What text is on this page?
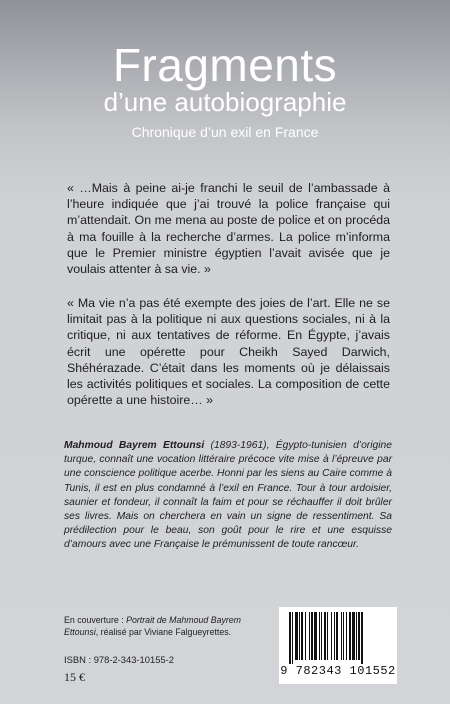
Fragments
d’une autobiographie
Chronique d’un exil en France
« …Mais à peine ai-je franchi le seuil de l’ambassade à l’heure indiquée que j’ai trouvé la police française qui m’attendait. On me mena au poste de police et on procéda à ma fouille à la recherche d’armes. La police m’informa que le Premier ministre égyptien l’avait avisée que je voulais attenter à sa vie. »
« Ma vie n’a pas été exempte des joies de l’art. Elle ne se limitait pas à la politique ni aux questions sociales, ni à la critique, ni aux tentatives de réforme. En Égypte, j’avais écrit une opérette pour Cheikh Sayed Darwich, Shéhérazade. C’était dans les moments où je délaissais les activités politiques et sociales. La composition de cette opérette a une histoire… »
Mahmoud Bayrem Ettounsi (1893-1961), Égypto-tunisien d’origine turque, connaît une vocation littéraire précoce vite mise à l’épreuve par une conscience politique acerbe. Honni par les siens au Caire comme à Tunis, il est en plus condamné à l’exil en France. Tour à tour ardoisier, saunier et fondeur, il connaît la faim et pour se réchauffer il doit brûler ses livres. Mais on cherchera en vain un signe de ressentiment. Sa prédilection pour le beau, son goût pour le rire et une esquisse d’amours avec une Française le prémunissent de toute rancœur.
En couverture : Portrait de Mahmoud Bayrem Ettounsi, réalisé par Viviane Falgueyrettes.
ISBN : 978-2-343-10155-2
15 €	9 782343 101552
